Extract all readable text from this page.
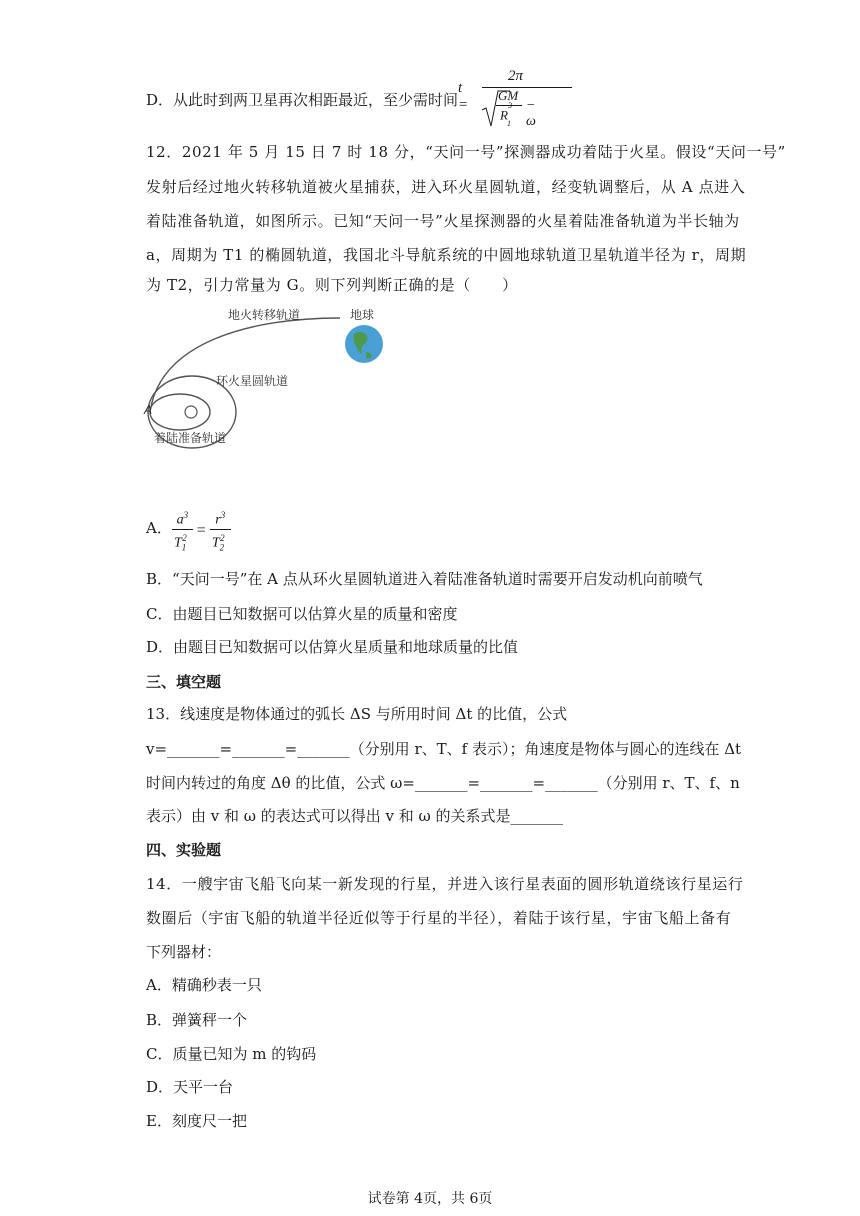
D．从此时到两卫星再次相距最近，至少需时间
t =
2π
GM
$R^3_1$
− ω
12．2021 年 5 月 15 日 7 时 18 分，“天问一号”探测器成功着陆于火星。假设“天问一号”
发射后经过地火转移轨道被火星捕获，进入环火星圆轨道，经变轨调整后，从 A 点进入
着陆准备轨道，如图所示。已知“天问一号”火星探测器的火星着陆准备轨道为半长轴为
a，周期为 T1 的椭圆轨道，我国北斗导航系统的中圆地球轨道卫星轨道半径为 r，周期
为 T2，引力常量为 G。则下列判断正确的是（　　）
地火转移轨道	地球
环火星圆轨道
A
着陆准备轨道
A． $\frac{a^3}{T_1^2} = \frac{r^3}{T_2^2}$
B．“天问一号”在 A 点从环火星圆轨道进入着陆准备轨道时需要开启发动机向前喷气
C．由题目已知数据可以估算火星的质量和密度
D．由题目已知数据可以估算火星质量和地球质量的比值
三、填空题
13．线速度是物体通过的弧长 ΔS 与所用时间 Δt 的比值，公式
v=_______=_______=_______（分别用 r、T、f 表示）；角速度是物体与圆心的连线在 Δt
时间内转过的角度 Δθ 的比值，公式 ω=_______=_______=_______（分别用 r、T、f、n
表示）由 v 和 ω 的表达式可以得出 v 和 ω 的关系式是_______
四、实验题
14．一艘宇宙飞船飞向某一新发现的行星，并进入该行星表面的圆形轨道绕该行星运行
数圈后（宇宙飞船的轨道半径近似等于行星的半径），着陆于该行星，宇宙飞船上备有
下列器材：
A．精确秒表一只
B．弹簧秤一个
C．质量已知为 m 的钩码
D．天平一台
E．刻度尺一把
试卷第 4页，共 6页
